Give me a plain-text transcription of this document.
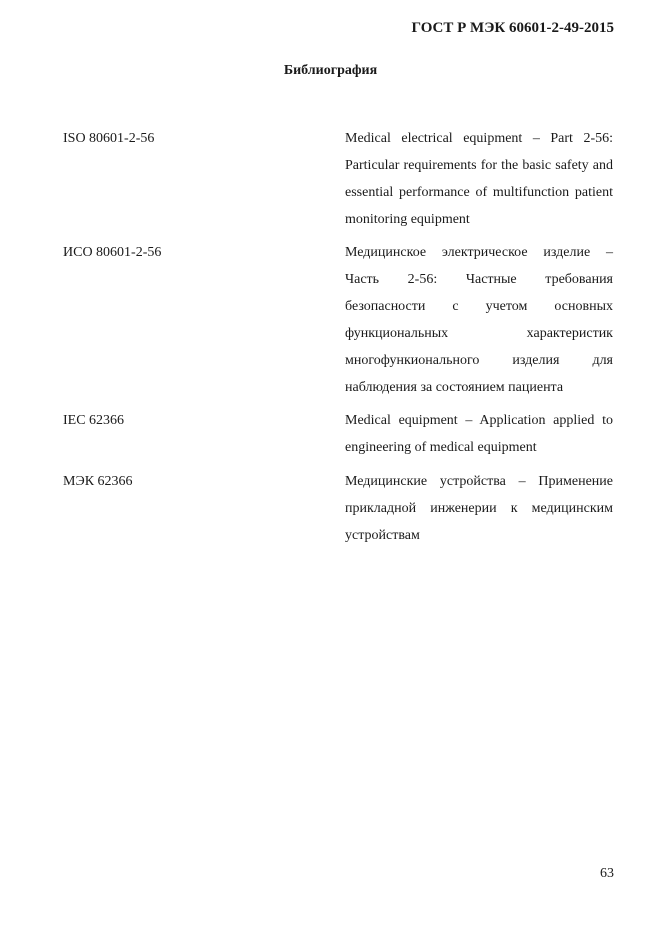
ГОСТ Р МЭК 60601-2-49-2015
Библиография
ISO 80601-2-56	Medical electrical equipment – Part 2-56: Particular requirements for the basic safety and essential performance of multifunction patient monitoring equipment
ИСО 80601-2-56	Медицинское электрическое изделие – Часть 2-56: Частные требования безопасности с учетом основных функциональных характеристик многофункионального изделия для наблюдения за состоянием пациента
IEC 62366	Medical equipment – Application applied to engineering of medical equipment
МЭК 62366	Медицинские устройства – Применение прикладной инженерии к медицинским устройствам
63
